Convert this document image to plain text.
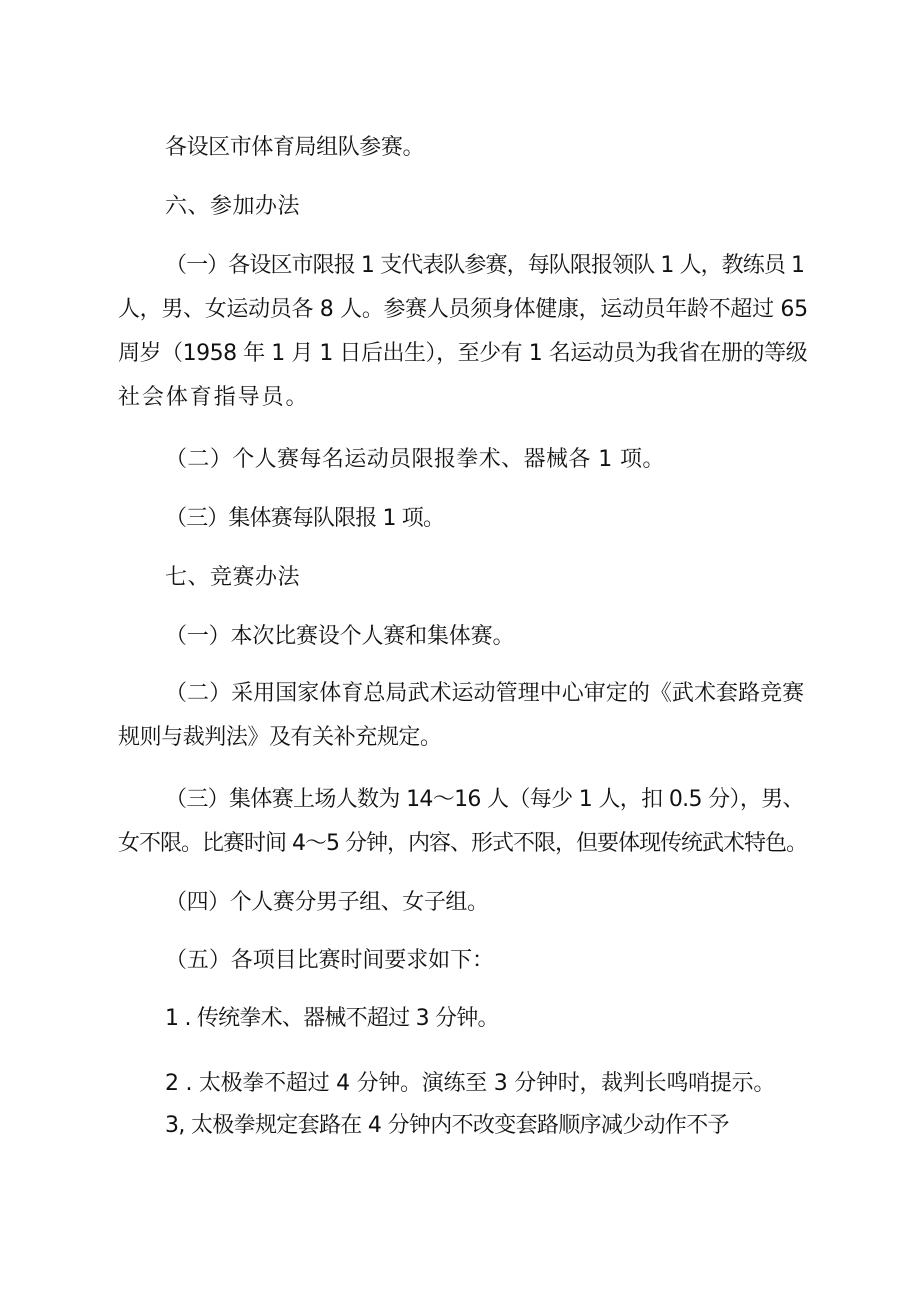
各设区市体育局组队参赛。
六、参加办法
（一）各设区市限报 1 支代表队参赛，每队限报领队 1 人，教练员 1
人，男、女运动员各 8 人。参赛人员须身体健康，运动员年龄不超过 65
周岁（1958 年 1 月 1 日后出生），至少有 1 名运动员为我省在册的等级
社会体育指导员。
（二）个人赛每名运动员限报拳术、器械各 1 项。
（三）集体赛每队限报 1 项。
七、竞赛办法
（一）本次比赛设个人赛和集体赛。
（二）采用国家体育总局武术运动管理中心审定的《武术套路竞赛
规则与裁判法》及有关补充规定。
（三）集体赛上场人数为 14～16 人（每少 1 人，扣 0.5 分），男、
女不限。比赛时间 4～5 分钟，内容、形式不限，但要体现传统武术特色。
（四）个人赛分男子组、女子组。
（五）各项目比赛时间要求如下：
1 . 传统拳术、器械不超过 3 分钟。
2 . 太极拳不超过 4 分钟。演练至 3 分钟时，裁判长鸣哨提示。
3, 太极拳规定套路在 4 分钟内不改变套路顺序减少动作不予
